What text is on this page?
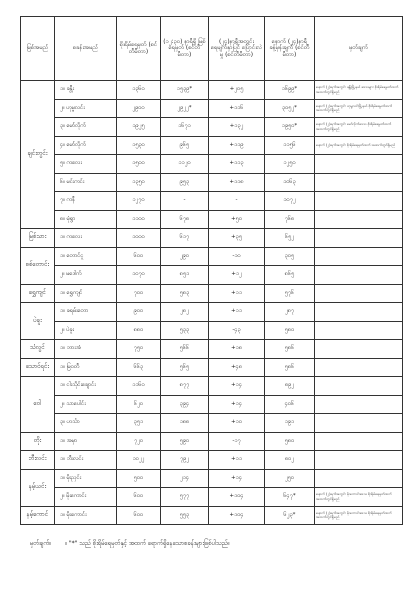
မြစ်အမည်	စခန်းအမည်	စိုးရိမ်ရေမှတ် (စင်တီမီတာ)	(၁၂:၃၀) နာရီရှိ မြစ်ရေမှတ် (စင်တီမီတာ)	(၂၄)နာရီအတွင်း ရေမျက်နှာပြင် ပြောင်းလဲမှု (စင်တီမီတာ)	နောက် (၂၄)နာရီ ခန့်မှန်းချက် (စင်တီမီတာ)	မှတ်ချက်
ချင်းတွင်း	၁။ ခန္တီး	၁၃၆၀	၁၅၃၉*	+၂၀၅	၁၆၉၉*	နောက် (၂)ရက်အတွင်း ခန္တီးမြို့နယ် ဒေသများ စိုးရိမ်ရေမှတ်ထက် အထက်တွင်ရှိမည်
	၂။ ဟုမ္မလင်း	၂၉၀၀	၂၉၂၂*	+၁၁၆	၃၀၅၂*	နောက် (၂)ရက်အတွင်း ဟုမ္မလင်းမြို့နယ် စိုးရိမ်ရေမှတ်ထက် အထက်တွင်ရှိမည်
	၃။ မော်လိုက်	၁၉၂၅	၁၆၇၁	+၁၃၂	၁၉၅၀*	နောက် (၂)ရက်အတွင်း မော်လိုက်ဒေသ စိုးရိမ်ရေမှတ်ထက် အထက်တွင်ရှိမည်
	၄။ မော်လိုက်	၁၅၃၀	၉၆၅	+၁၁၉	၁၁၅၆	နောက် (၂)ရက်အတွင်း စိုးရိမ်ရေမှတ်ထက် အထက်တွင်ရှိမည်
	၅။ ကလေး	၁၅၀၀	၁၁၂၀	+၁၁၃	၁၂၅၀	
	၆။ မင်းကင်း	၁၃၅၀	၉၅၃	+၁၁၈	၁၀၆၃	
	၇။ ကနီ	၁၂၇၀	-	-	၁၀၇၂	
	၈။ မုံရွာ	၁၁၀၀	၆၇၈	+၅၀	၇၆၈	
မြစ်သား	၁။ ကလေး	၁၀၀၀	၆၁၇	+၃၅	၆၅၂	
စစ်တောင်း	၁။ တောင်ငူ	၆၀၀	၂၉၀	-၁၀	၃၀၅	
	၂။ မဒေါက်	၁၀၇၀	၈၅၁	+၁၂	၈၆၅	
ရွှေကျင်	၁။ ရွှေကျင်	၇၀၀	၅၈၃	+၁၁	၅၇၆	
ပဲခူး	၁။ ခရမ်းတော	၉၀၀	၂၈၂	+၁၁	၂၈၇	
	၂။ ပဲခူး	၈၈၀	၅၃၃	-၄၃	၅၈၀	
သံလွင်	၁။ ဘားအံ	၇၅၀	၅၆၆	+၁၈	၅၈၆	
သောင်ရင်း	၁။ မြဝတီ	၆၆၃	၅၆၅	+၄၈	၅၈၆	
ဝေါ	၁။ ငါးသိုင်းချောင်း	၁၁၆၀	၈၇၇	+၁၄	၈၉၂	
	၂။ သာပေါင်း	၆၂၀	၃၉၄	+၁၄	၄၀၆	
	၃။ ဟင်္သာ	၃၅၁	၁၈၈	+၁၀	၁၉၁	
တိုး	၁။ အမှာ	၇၂၀	၅၉၀	-၁၇	၅၈၀	
ဘီးလင်း	၁။ ဘီးလင်း	၁၀၂၂	၇၉၂	+၁၁	၈၀၂	
နမ့်ယင်း	၁။ မိုးညှင်း	၅၀၀	၂၁၄	+၁၄	၂၅၀	
	၂။ မိုးကောင်း	၆၀၀	၅၇၇	+၁၀၄	၆၄၇*	နောက် (၂)ရက်အတွင်း မိုးကောင်းဒေသ စိုးရိမ်ရေမှတ်ထက် အထက်တွင်ရှိမည်
နမ့်ကောင်	၁။ မိုးကောင်း	၆၀၀	၅၅၃	+၁၀၄	၆၂၃*	နောက် (၂)ရက်အတွင်း မိုးကောင်းဒေသ စိုးရိမ်ရေမှတ်ထက် အထက်တွင်ရှိမည်
မှတ်ချက်။ ။ "*" သည် စိုးရိမ်ရေမှတ်နှင့် အထက် ရောက်ရှိနေသောစခန်းများဖြစ်ပါသည်။
